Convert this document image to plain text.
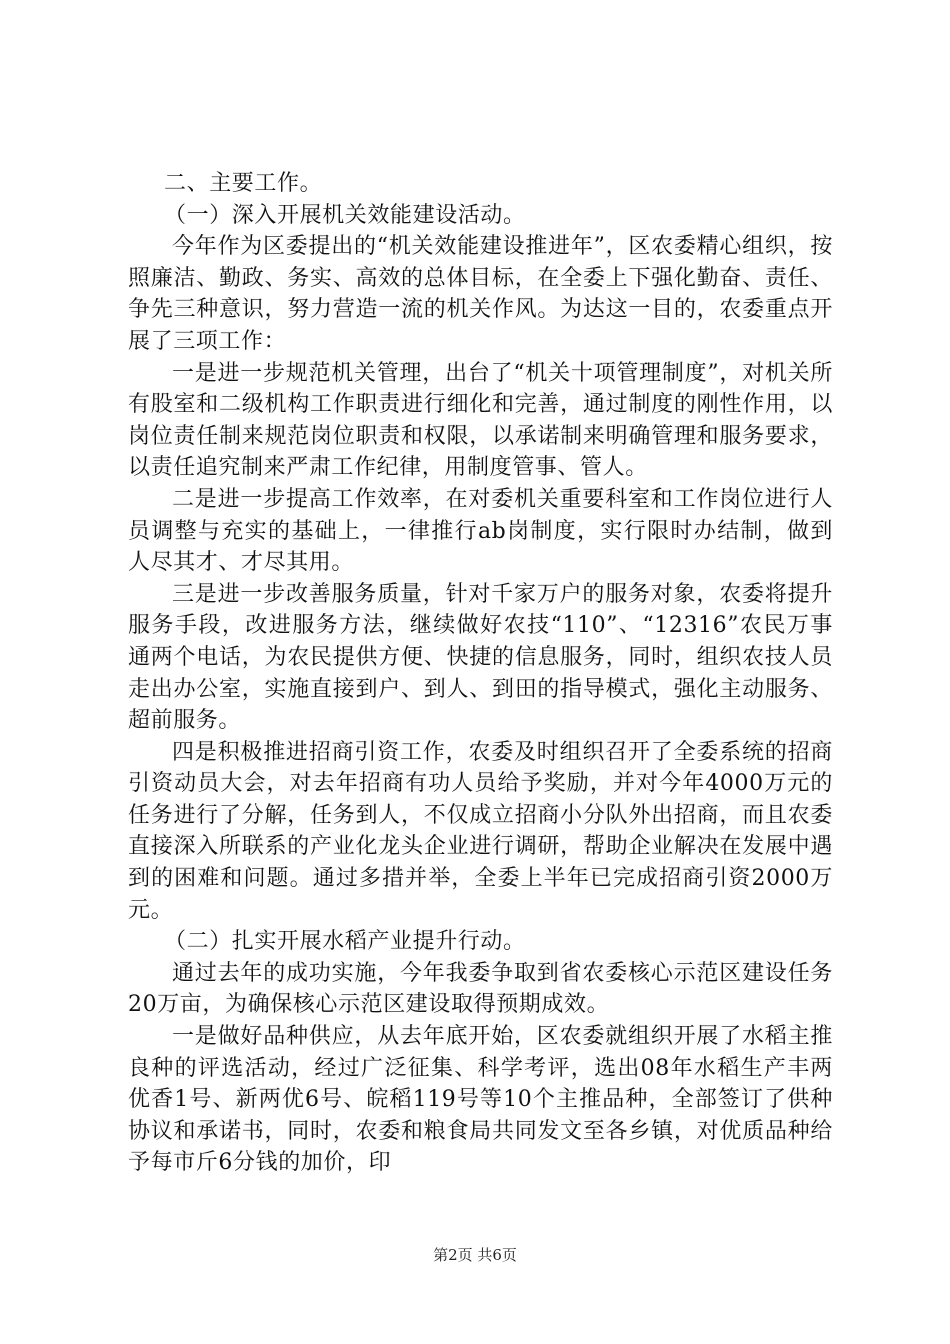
二、主要工作。

（一）深入开展机关效能建设活动。

今年作为区委提出的“机关效能建设推进年”，区农委精心组织，按照廉洁、勤政、务实、高效的总体目标，在全委上下强化勤奋、责任、争先三种意识，努力营造一流的机关作风。为达这一目的，农委重点开展了三项工作：

一是进一步规范机关管理，出台了“机关十项管理制度”，对机关所有股室和二级机构工作职责进行细化和完善，通过制度的刚性作用，以岗位责任制来规范岗位职责和权限，以承诺制来明确管理和服务要求，以责任追究制来严肃工作纪律，用制度管事、管人。

二是进一步提高工作效率，在对委机关重要科室和工作岗位进行人员调整与充实的基础上，一律推行ab岗制度，实行限时办结制，做到人尽其才、才尽其用。

三是进一步改善服务质量，针对千家万户的服务对象，农委将提升服务手段，改进服务方法，继续做好农技“110”、“12316”农民万事通两个电话，为农民提供方便、快捷的信息服务，同时，组织农技人员走出办公室，实施直接到户、到人、到田的指导模式，强化主动服务、超前服务。

四是积极推进招商引资工作，农委及时组织召开了全委系统的招商引资动员大会，对去年招商有功人员给予奖励，并对今年4000万元的任务进行了分解，任务到人，不仅成立招商小分队外出招商，而且农委直接深入所联系的产业化龙头企业进行调研，帮助企业解决在发展中遇到的困难和问题。通过多措并举，全委上半年已完成招商引资2000万元。

（二）扎实开展水稻产业提升行动。

通过去年的成功实施，今年我委争取到省农委核心示范区建设任务20万亩，为确保核心示范区建设取得预期成效。

一是做好品种供应，从去年底开始，区农委就组织开展了水稻主推良种的评选活动，经过广泛征集、科学考评，选出08年水稻生产丰两优香1号、新两优6号、皖稻119号等10个主推品种，全部签订了供种协议和承诺书，同时，农委和粮食局共同发文至各乡镇，对优质品种给予每市斤6分钱的加价，印

第2页 共6页
